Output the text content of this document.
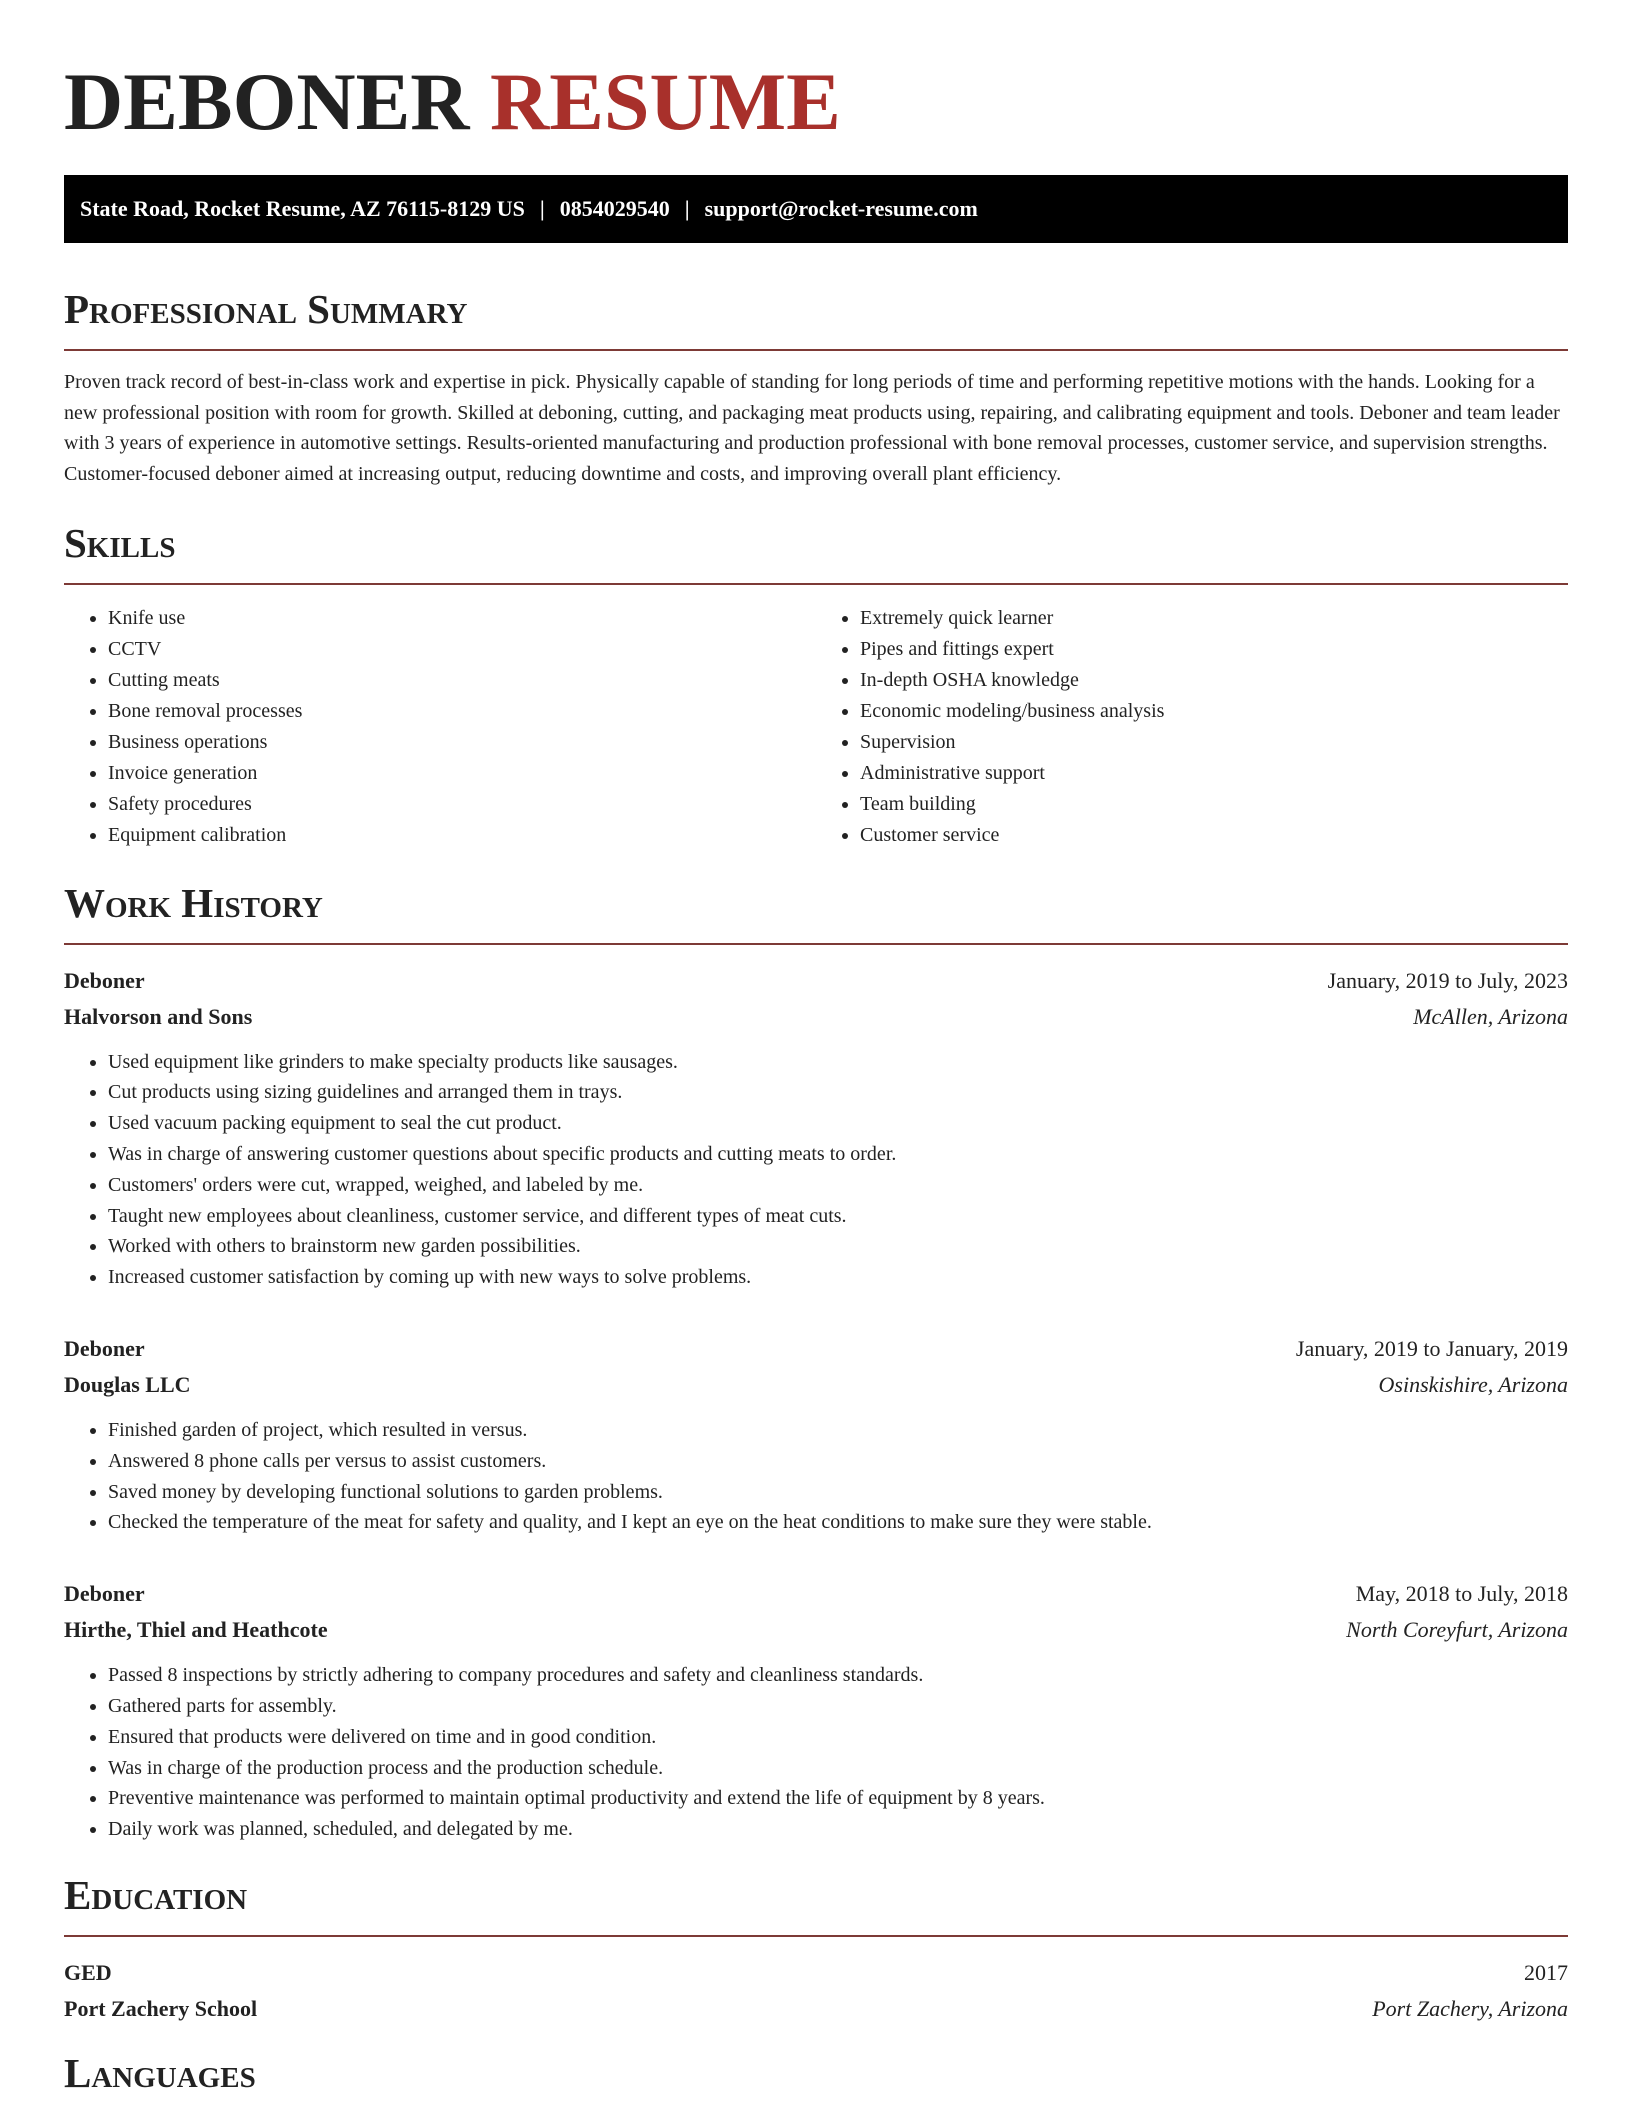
DEBONER RESUME
State Road, Rocket Resume, AZ 76115-8129 US | 0854029540 | support@rocket-resume.com
Professional Summary

Proven track record of best-in-class work and expertise in pick. Physically capable of standing for long periods of time and performing repetitive motions with the hands. Looking for a new professional position with room for growth. Skilled at deboning, cutting, and packaging meat products using, repairing, and calibrating equipment and tools. Deboner and team leader with 3 years of experience in automotive settings. Results-oriented manufacturing and production professional with bone removal processes, customer service, and supervision strengths. Customer-focused deboner aimed at increasing output, reducing downtime and costs, and improving overall plant efficiency.

Skills
• Knife use
• CCTV
• Cutting meats
• Bone removal processes
• Business operations
• Invoice generation
• Safety procedures
• Equipment calibration
• Extremely quick learner
• Pipes and fittings expert
• In-depth OSHA knowledge
• Economic modeling/business analysis
• Supervision
• Administrative support
• Team building
• Customer service
Work History
Deboner	January, 2019 to July, 2023
Halvorson and Sons	McAllen, Arizona
• Used equipment like grinders to make specialty products like sausages.
• Cut products using sizing guidelines and arranged them in trays.
• Used vacuum packing equipment to seal the cut product.
• Was in charge of answering customer questions about specific products and cutting meats to order.
• Customers' orders were cut, wrapped, weighed, and labeled by me.
• Taught new employees about cleanliness, customer service, and different types of meat cuts.
• Worked with others to brainstorm new garden possibilities.
• Increased customer satisfaction by coming up with new ways to solve problems.
Deboner	January, 2019 to January, 2019
Douglas LLC	Osinskishire, Arizona
• Finished garden of project, which resulted in versus.
• Answered 8 phone calls per versus to assist customers.
• Saved money by developing functional solutions to garden problems.
• Checked the temperature of the meat for safety and quality, and I kept an eye on the heat conditions to make sure they were stable.
Deboner	May, 2018 to July, 2018
Hirthe, Thiel and Heathcote	North Coreyfurt, Arizona
• Passed 8 inspections by strictly adhering to company procedures and safety and cleanliness standards.
• Gathered parts for assembly.
• Ensured that products were delivered on time and in good condition.
• Was in charge of the production process and the production schedule.
• Preventive maintenance was performed to maintain optimal productivity and extend the life of equipment by 8 years.
• Daily work was planned, scheduled, and delegated by me.
Education
GED	2017
Port Zachery School	Port Zachery, Arizona
Languages
